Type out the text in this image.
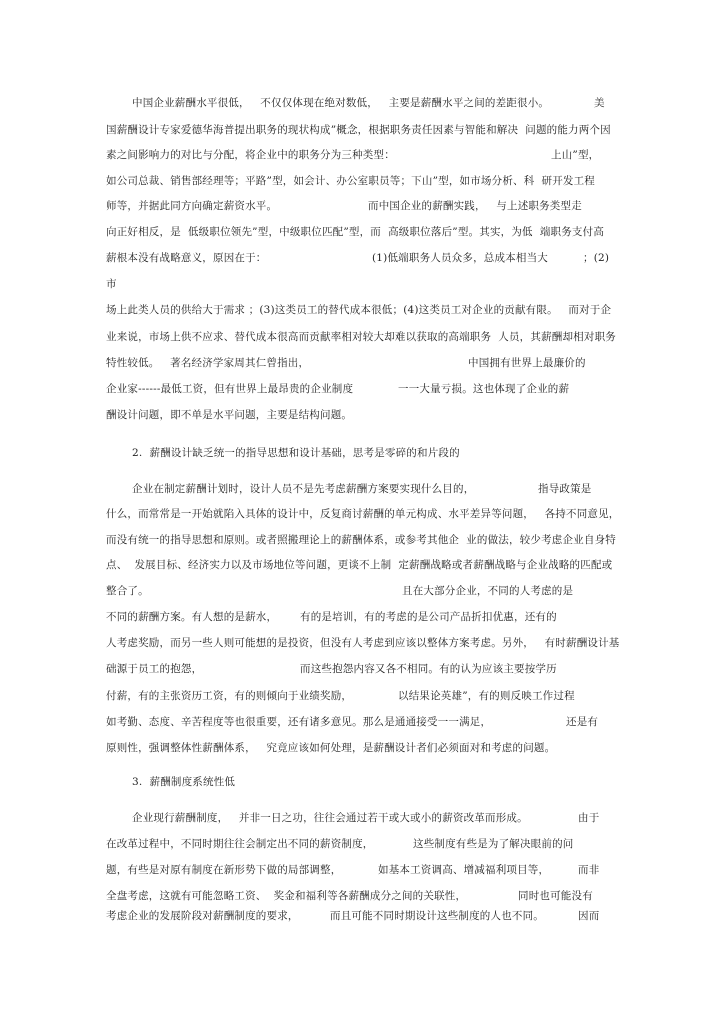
中国企业薪酬水平很低，   不仅仅体现在绝对数低，   主要是薪酬水平之间的差距很小。	美
国薪酬设计专家爱德华海普提出职务的现状构成”概念，根据职务责任因素与智能和解决  问题的能力两个因
素之间影响力的对比与分配，将企业中的职务分为三种类型：	上山”型，
如公司总裁、销售部经理等；平路”型，如会计、办公室职员等；下山”型，如市场分析、科  研开发工程
师等，并据此同方向确定薪资水平。	而中国企业的薪酬实践，   与上述职务类型走
向正好相反，是  低级职位领先”型，中级职位匹配”型，而  高级职位落后”型。其实，为低  端职务支付高
薪根本没有战略意义，原因在于：	(1)低端职务人员众多，总成本相当大	；(2)
市
场上此类人员的供给大于需求 ；(3)这类员工的替代成本很低；(4)这类员工对企业的贡献有限。   而对于企
业来说，市场上供不应求、替代成本很高而贡献率相对较大却难以获取的高端职务  人员，其薪酬却相对职务
特性较低。   著名经济学家周其仁曾指出，	中国拥有世界上最廉价的
企业家------最低工资，但有世界上最昂贵的企业制度	一一大量亏损。这也体现了企业的薪
酬设计问题，即不单是水平问题，主要是结构问题。
2.  薪酬设计缺乏统一的指导思想和设计基础，思考是零碎的和片段的
企业在制定薪酬计划时，设计人员不是先考虑薪酬方案要实现什么目的，	指导政策是
什么，而常常是一开始就陷入具体的设计中，反复商讨薪酬的单元构成、水平差异等问题，   各持不同意见，
而没有统一的指导思想和原则。或者照搬理论上的薪酬体系，或参考其他企  业的做法，较少考虑企业自身特
点、  发展目标、经济实力以及市场地位等问题，更谈不上制  定薪酬战略或者薪酬战略与企业战略的匹配或
整合了。	且在大部分企业，不同的人考虑的是
不同的薪酬方案。有人想的是薪水， 有的是培训，有的考虑的是公司产品折扣优惠，还有的
人考虑奖励，而另一些人则可能想的是投资，但没有人考虑到应该以整体方案考虑。另外，   有时薪酬设计基
础源于员工的抱怨，	而这些抱怨内容又各不相同。有的认为应该主要按学历
付薪，有的主张资历工资，有的则倾向于业绩奖励，	以结果论英雄”，有的则反映工作过程
如考勤、态度、辛苦程度等也很重要，还有诸多意见。那么是通通接受一一满足，	还是有
原则性，强调整体性薪酬体系，   究竟应该如何处理，是薪酬设计者们必须面对和考虑的问题。
3.  薪酬制度系统性低
企业现行薪酬制度，   并非一日之功，往往会通过若干或大或小的薪资改革而形成。	由于
在改革过程中，不同时期往往会制定出不同的薪资制度，	这些制度有些是为了解决眼前的问
题，有些是对原有制度在新形势下做的局部调整，	如基本工资调高、增减福利项目等，	而非
全盘考虑，这就有可能忽略工资、  奖金和福利等各薪酬成分之间的关联性，	同时也可能没有
考虑企业的发展阶段对薪酬制度的要求，	而且可能不同时期设计这些制度的人也不同。	因而
